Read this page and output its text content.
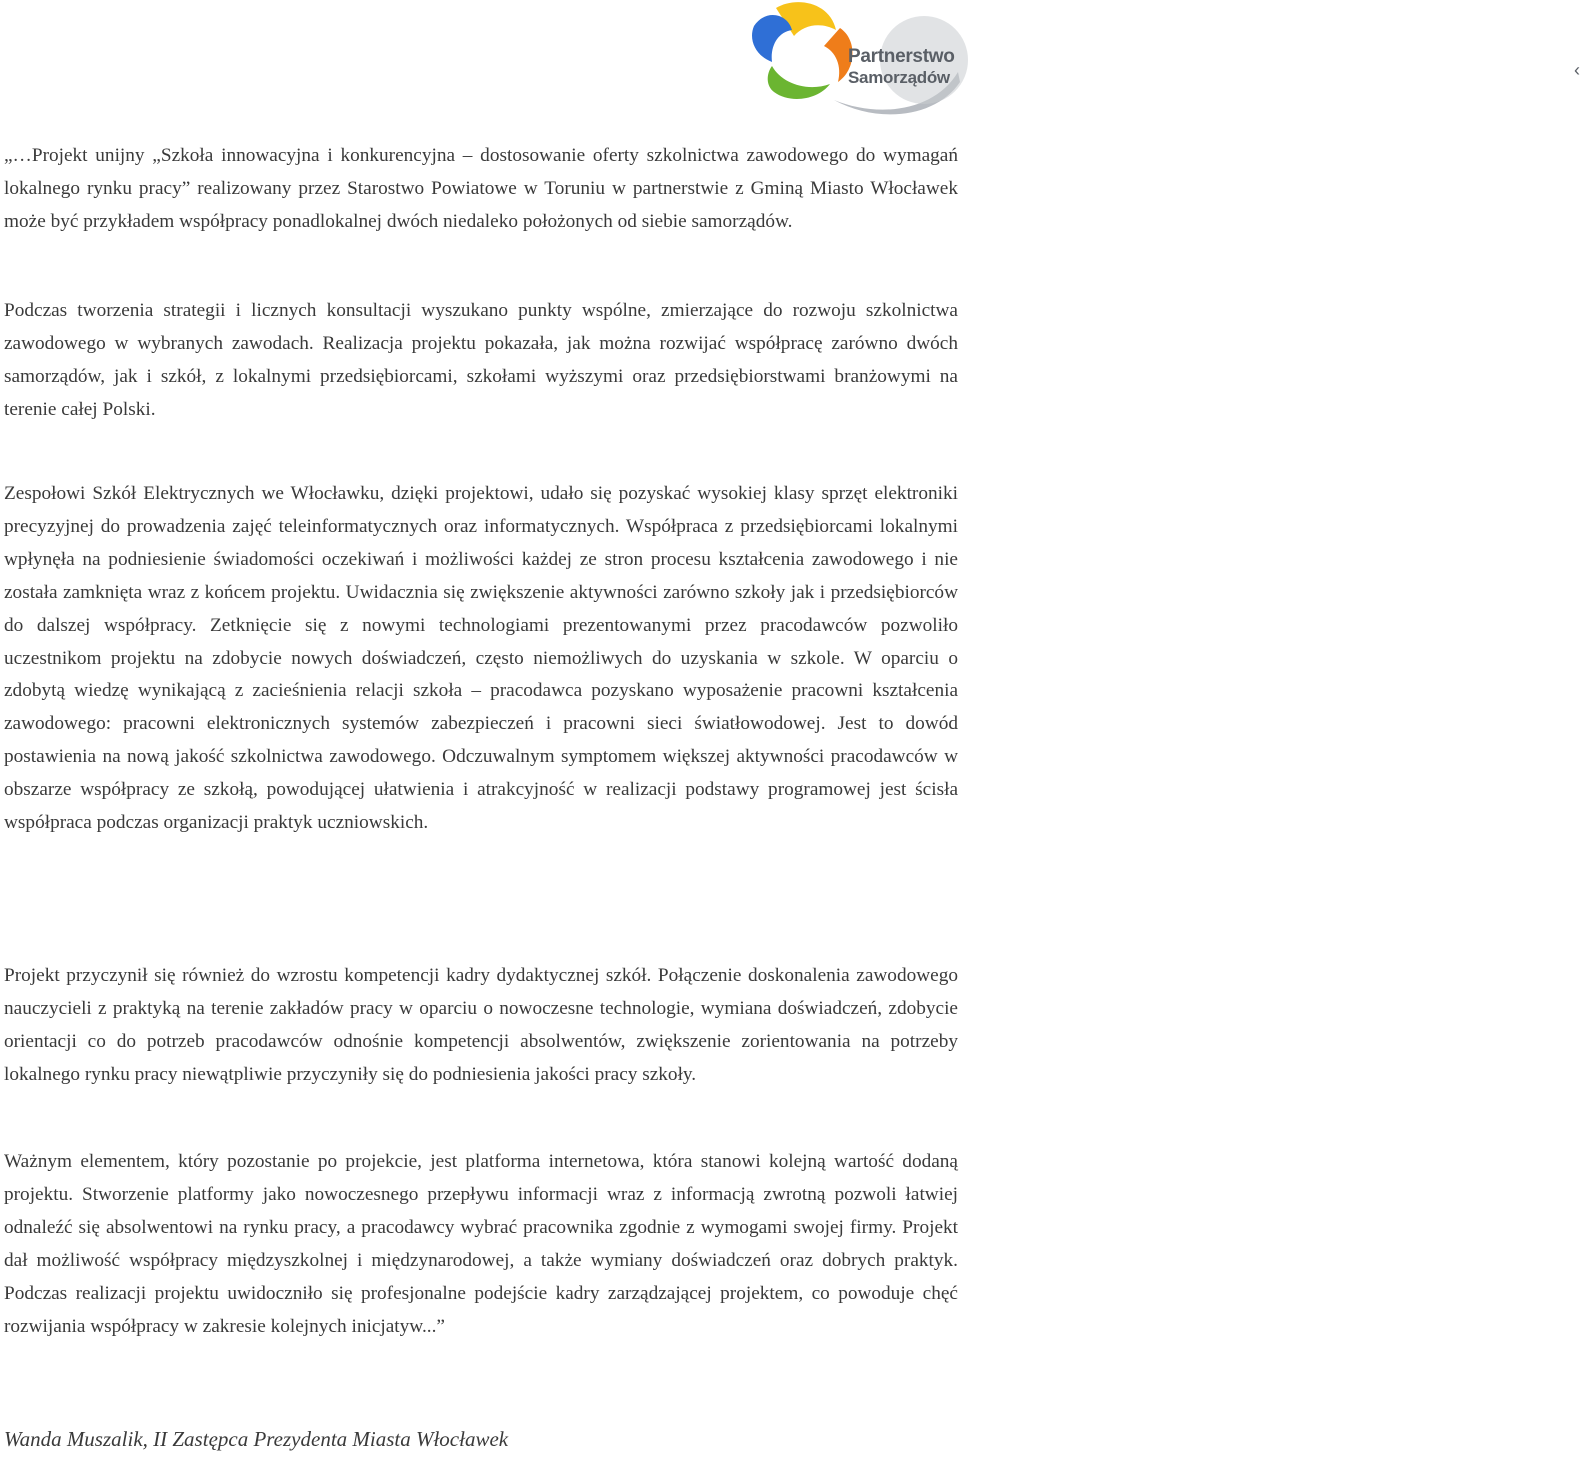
‹
Partnerstwo
Samorządów

„…Projekt unijny „Szkoła innowacyjna i konkurencyjna – dostosowanie oferty szkolnictwa zawodowego do wymagań lokalnego rynku pracy” realizowany przez Starostwo Powiatowe w Toruniu w partnerstwie z Gminą Miasto Włocławek może być przykładem współpracy ponadlokalnej dwóch niedaleko położonych od siebie samorządów.

Podczas tworzenia strategii i licznych konsultacji wyszukano punkty wspólne, zmierzające do rozwoju szkolnictwa zawodowego w wybranych zawodach. Realizacja projektu pokazała, jak można rozwijać współpracę zarówno dwóch samorządów, jak i szkół, z lokalnymi przedsiębiorcami, szkołami wyższymi oraz przedsiębiorstwami branżowymi na terenie całej Polski.

Zespołowi Szkół Elektrycznych we Włocławku, dzięki projektowi, udało się pozyskać wysokiej klasy sprzęt elektroniki precyzyjnej do prowadzenia zajęć teleinformatycznych oraz informatycznych. Współpraca z przedsiębiorcami lokalnymi wpłynęła na podniesienie świadomości oczekiwań i możliwości każdej ze stron procesu kształcenia zawodowego i nie została zamknięta wraz z końcem projektu. Uwidacznia się zwiększenie aktywności zarówno szkoły jak i przedsiębiorców do dalszej współpracy. Zetknięcie się z nowymi technologiami prezentowanymi przez pracodawców pozwoliło uczestnikom projektu na zdobycie nowych doświadczeń, często niemożliwych do uzyskania w szkole. W oparciu o zdobytą wiedzę wynikającą z zacieśnienia relacji szkoła – pracodawca pozyskano wyposażenie pracowni kształcenia zawodowego: pracowni elektronicznych systemów zabezpieczeń i pracowni sieci światłowodowej. Jest to dowód postawienia na nową jakość szkolnictwa zawodowego. Odczuwalnym symptomem większej aktywności pracodawców w obszarze współpracy ze szkołą, powodującej ułatwienia i atrakcyjność w realizacji podstawy programowej jest ścisła współpraca podczas organizacji praktyk uczniowskich.

Projekt przyczynił się również do wzrostu kompetencji kadry dydaktycznej szkół. Połączenie doskonalenia zawodowego nauczycieli z praktyką na terenie zakładów pracy w oparciu o nowoczesne technologie, wymiana doświadczeń, zdobycie orientacji co do potrzeb pracodawców odnośnie kompetencji absolwentów, zwiększenie zorientowania na potrzeby lokalnego rynku pracy niewątpliwie przyczyniły się do podniesienia jakości pracy szkoły.

Ważnym elementem, który pozostanie po projekcie, jest platforma internetowa, która stanowi kolejną wartość dodaną projektu. Stworzenie platformy jako nowoczesnego przepływu informacji wraz z informacją zwrotną pozwoli łatwiej odnaleźć się absolwentowi na rynku pracy, a pracodawcy wybrać pracownika zgodnie z wymogami swojej firmy. Projekt dał możliwość współpracy międzyszkolnej i międzynarodowej, a także wymiany doświadczeń oraz dobrych praktyk. Podczas realizacji projektu uwidoczniło się profesjonalne podejście kadry zarządzającej projektem, co powoduje chęć rozwijania współpracy w zakresie kolejnych inicjatyw...”

Wanda Muszalik, II Zastępca Prezydenta Miasta Włocławek
